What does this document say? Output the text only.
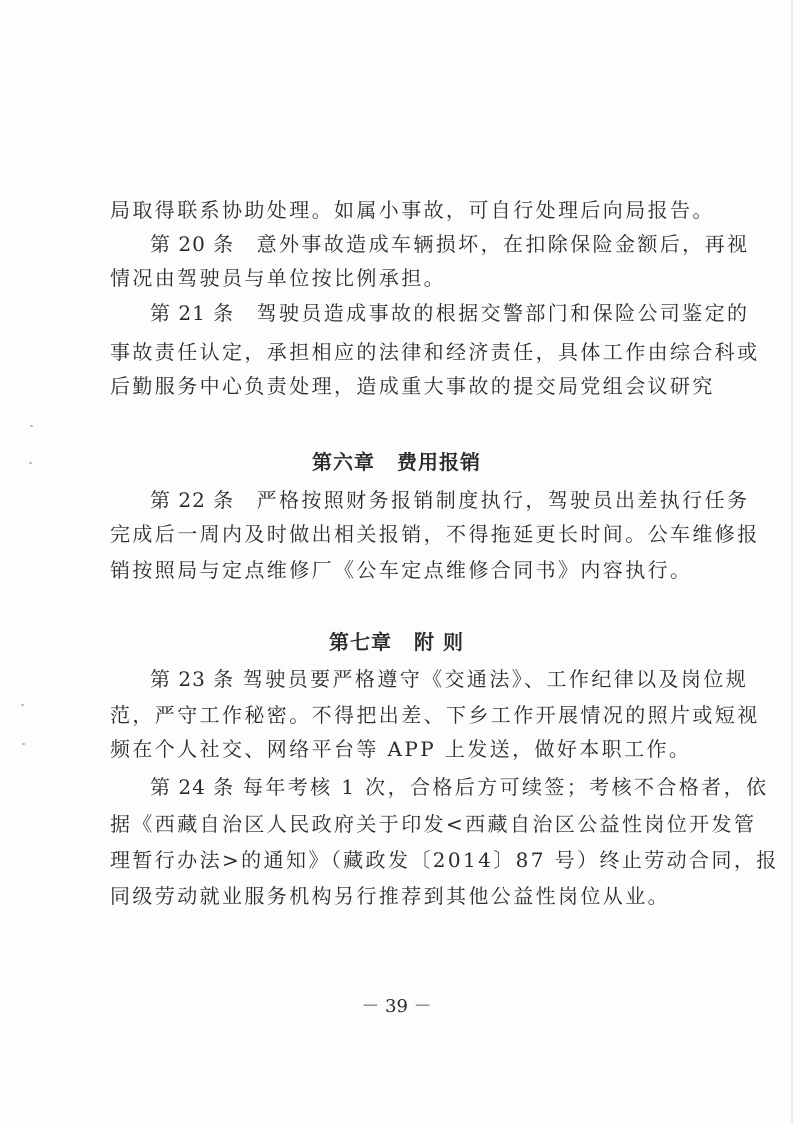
局取得联系协助处理。如属小事故，可自行处理后向局报告。
第 20 条　意外事故造成车辆损坏，在扣除保险金额后，再视
情况由驾驶员与单位按比例承担。
第 21 条　驾驶员造成事故的根据交警部门和保险公司鉴定的
事故责任认定，承担相应的法律和经济责任，具体工作由综合科或
后勤服务中心负责处理，造成重大事故的提交局党组会议研究
第六章 费用报销
第 22 条　严格按照财务报销制度执行，驾驶员出差执行任务
完成后一周内及时做出相关报销，不得拖延更长时间。公车维修报
销按照局与定点维修厂《公车定点维修合同书》内容执行。
第七章 附 则
第 23 条 驾驶员要严格遵守《交通法》、工作纪律以及岗位规
范，严守工作秘密。不得把出差、下乡工作开展情况的照片或短视
频在个人社交、网络平台等 APP 上发送，做好本职工作。
第 24 条 每年考核 1 次，合格后方可续签；考核不合格者，依
据《西藏自治区人民政府关于印发<西藏自治区公益性岗位开发管
理暂行办法>的通知》（藏政发〔2014〕87 号）终止劳动合同，报
同级劳动就业服务机构另行推荐到其他公益性岗位从业。
－ 39 －
